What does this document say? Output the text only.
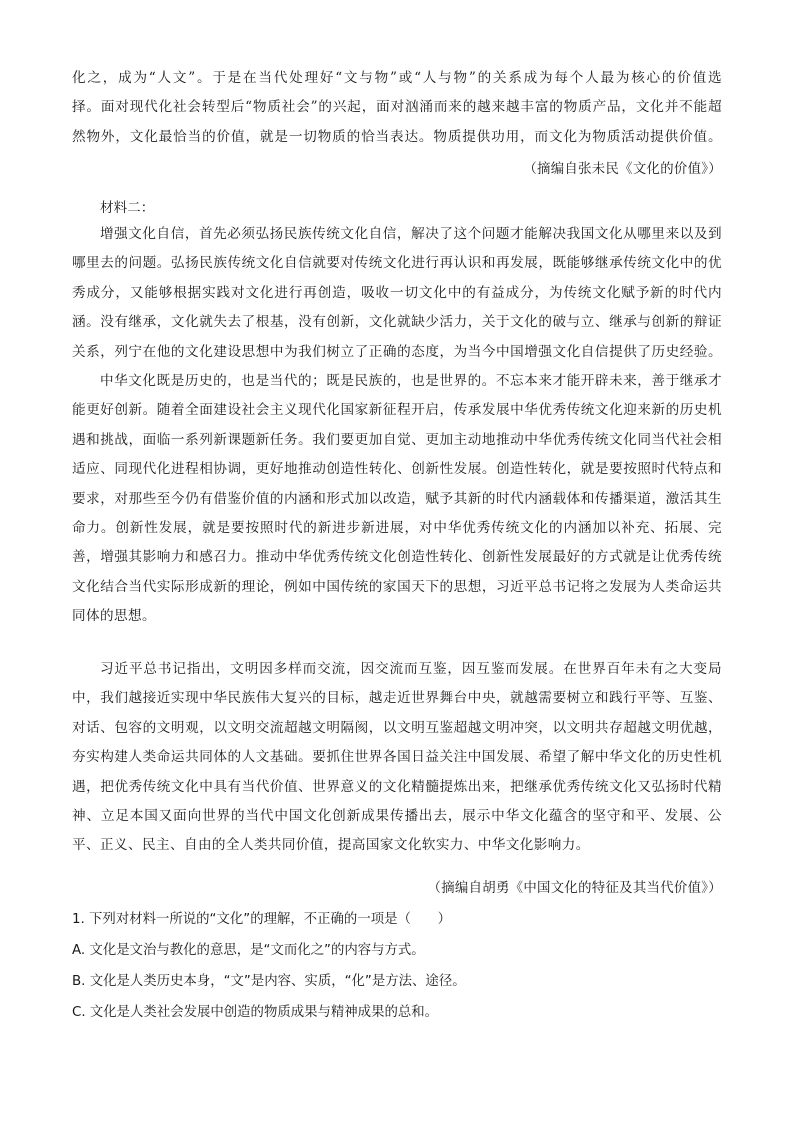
化之，成为“人文”。于是在当代处理好“文与物”或“人与物”的关系成为每个人最为核心的价值选
择。面对现代化社会转型后“物质社会”的兴起，面对汹涌而来的越来越丰富的物质产品，文化并不能超
然物外，文化最恰当的价值，就是一切物质的恰当表达。物质提供功用，而文化为物质活动提供价值。
（摘编自张未民《文化的价值》）
材料二：
增强文化自信，首先必须弘扬民族传统文化自信，解决了这个问题才能解决我国文化从哪里来以及到
哪里去的问题。弘扬民族传统文化自信就要对传统文化进行再认识和再发展，既能够继承传统文化中的优
秀成分，又能够根据实践对文化进行再创造，吸收一切文化中的有益成分，为传统文化赋予新的时代内
涵。没有继承，文化就失去了根基，没有创新，文化就缺少活力，关于文化的破与立、继承与创新的辩证
关系，列宁在他的文化建设思想中为我们树立了正确的态度，为当今中国增强文化自信提供了历史经验。
中华文化既是历史的，也是当代的；既是民族的，也是世界的。不忘本来才能开辟未来，善于继承才
能更好创新。随着全面建设社会主义现代化国家新征程开启，传承发展中华优秀传统文化迎来新的历史机
遇和挑战，面临一系列新课题新任务。我们要更加自觉、更加主动地推动中华优秀传统文化同当代社会相
适应、同现代化进程相协调，更好地推动创造性转化、创新性发展。创造性转化，就是要按照时代特点和
要求，对那些至今仍有借鉴价值的内涵和形式加以改造，赋予其新的时代内涵载体和传播渠道，激活其生
命力。创新性发展，就是要按照时代的新进步新进展，对中华优秀传统文化的内涵加以补充、拓展、完
善，增强其影响力和感召力。推动中华优秀传统文化创造性转化、创新性发展最好的方式就是让优秀传统
文化结合当代实际形成新的理论，例如中国传统的家国天下的思想，习近平总书记将之发展为人类命运共
同体的思想。
习近平总书记指出，文明因多样而交流，因交流而互鉴，因互鉴而发展。在世界百年未有之大变局
中，我们越接近实现中华民族伟大复兴的目标，越走近世界舞台中央，就越需要树立和践行平等、互鉴、
对话、包容的文明观，以文明交流超越文明隔阂，以文明互鉴超越文明冲突，以文明共存超越文明优越，
夯实构建人类命运共同体的人文基础。要抓住世界各国日益关注中国发展、希望了解中华文化的历史性机
遇，把优秀传统文化中具有当代价值、世界意义的文化精髓提炼出来，把继承优秀传统文化又弘扬时代精
神、立足本国又面向世界的当代中国文化创新成果传播出去，展示中华文化蕴含的坚守和平、发展、公
平、正义、民主、自由的全人类共同价值，提高国家文化软实力、中华文化影响力。
（摘编自胡勇《中国文化的特征及其当代价值》）
1. 下列对材料一所说的“文化”的理解，不正确的一项是（　　）
A. 文化是文治与教化的意思，是“文而化之”的内容与方式。
B. 文化是人类历史本身，“文”是内容、实质，“化”是方法、途径。
C. 文化是人类社会发展中创造的物质成果与精神成果的总和。
